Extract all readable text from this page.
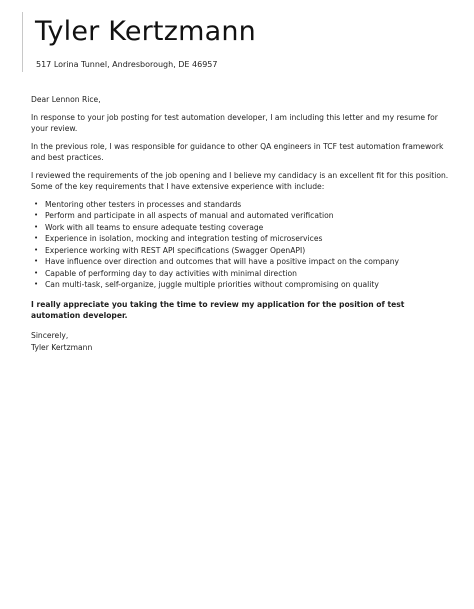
Tyler Kertzmann
517 Lorina Tunnel, Andresborough, DE 46957

Dear Lennon Rice,

In response to your job posting for test automation developer, I am including this letter and my resume for your review.

In the previous role, I was responsible for guidance to other QA engineers in TCF test automation framework and best practices.

I reviewed the requirements of the job opening and I believe my candidacy is an excellent fit for this position. Some of the key requirements that I have extensive experience with include:

• Mentoring other testers in processes and standards
• Perform and participate in all aspects of manual and automated verification
• Work with all teams to ensure adequate testing coverage
• Experience in isolation, mocking and integration testing of microservices
• Experience working with REST API specifications (Swagger OpenAPI)
• Have influence over direction and outcomes that will have a positive impact on the company
• Capable of performing day to day activities with minimal direction
• Can multi-task, self-organize, juggle multiple priorities without compromising on quality

I really appreciate you taking the time to review my application for the position of test automation developer.

Sincerely,

Tyler Kertzmann
